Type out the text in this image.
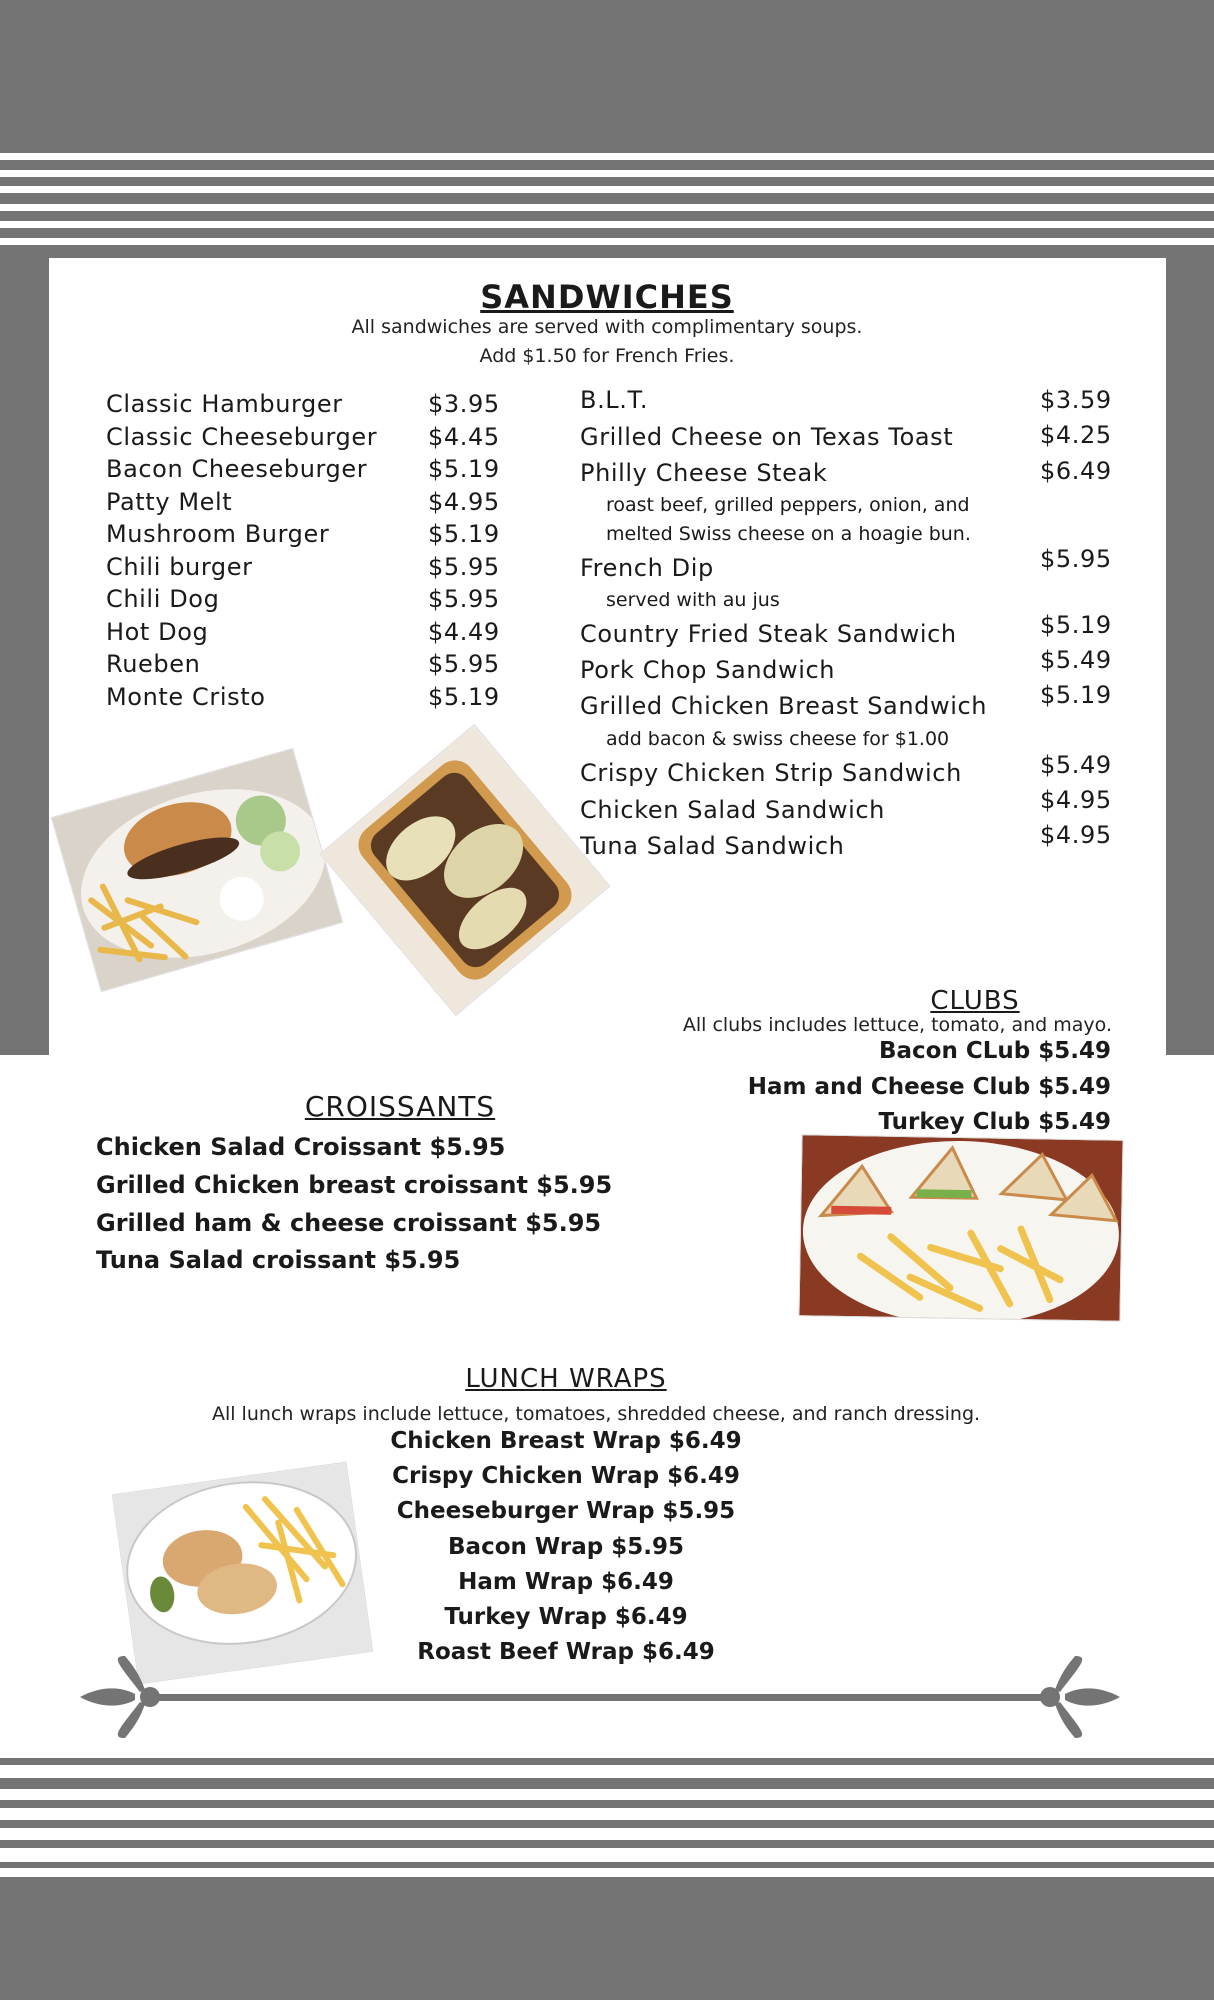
SANDWICHES
All sandwiches are served with complimentary soups.
Add $1.50 for French Fries.
Classic Hamburger	$3.95
Classic Cheeseburger $4.45
Bacon Cheeseburger	$5.19
Patty Melt	$4.95
Mushroom Burger	$5.19
Chili burger	$5.95
Chili Dog	$5.95
Hot Dog	$4.49
Rueben	$5.95
Monte Cristo	$5.19
B.L.T.	$3.59
Grilled Cheese on Texas Toast	$4.25
Philly Cheese Steak	$6.49
roast beef, grilled peppers, onion, and
melted Swiss cheese on a hoagie bun.
French Dip	$5.95
served with au jus
Country Fried Steak Sandwich	$5.19
Pork Chop Sandwich	$5.49
Grilled Chicken Breast Sandwich $5.19
add bacon & swiss cheese for $1.00
Crispy Chicken Strip Sandwich	$5.49
Chicken Salad Sandwich	$4.95
Tuna Salad Sandwich	$4.95
CLUBS
All clubs includes lettuce, tomato, and mayo.
Bacon CLub $5.49
Ham and Cheese Club $5.49
Turkey Club $5.49
CROISSANTS
Chicken Salad Croissant $5.95
Grilled Chicken breast croissant $5.95
Grilled ham & cheese croissant $5.95
Tuna Salad croissant $5.95
LUNCH WRAPS
All lunch wraps include lettuce, tomatoes, shredded cheese, and ranch dressing.
Chicken Breast Wrap $6.49
Crispy Chicken Wrap $6.49
Cheeseburger Wrap $5.95
Bacon Wrap $5.95
Ham Wrap $6.49
Turkey Wrap $6.49
Roast Beef Wrap $6.49
